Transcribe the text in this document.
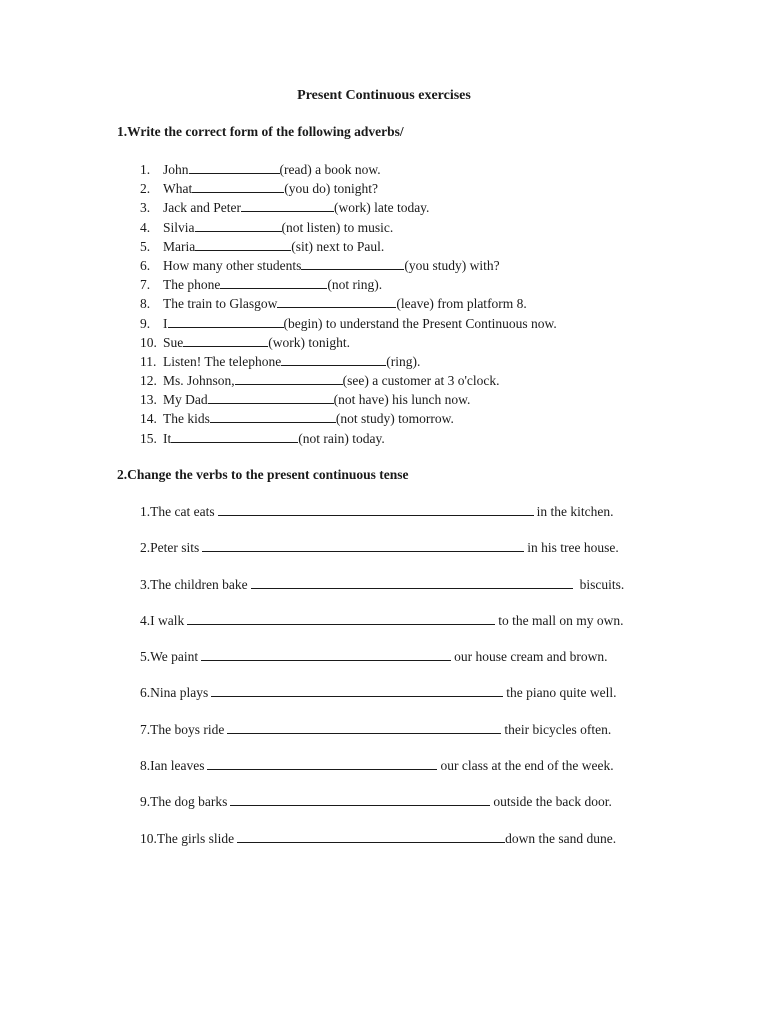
Present Continuous exercises
1.Write the correct form of the following adverbs/
1. John	(read) a book now.
2. What	(you do) tonight?
3. Jack and Peter	(work) late today.
4. Silvia	(not listen) to music.
5. Maria	(sit) next to Paul.
6. How many other students	(you study) with?
7. The phone	(not ring).
8. The train to Glasgow	(leave) from platform 8.
9. I	(begin) to understand the Present Continuous now.
10. Sue	(work) tonight.
11. Listen! The telephone	(ring).
12. Ms. Johnson,	(see) a customer at 3 o'clock.
13. My Dad	(not have) his lunch now.
14. The kids	(not study) tomorrow.
15. It	(not rain) today.
2.Change the verbs to the present continuous tense
1.The cat eats	in the kitchen.
2.Peter sits	in his tree house.
3.The children bake	biscuits.
4.I walk	to the mall on my own.
5.We paint	our house cream and brown.
6.Nina plays	the piano quite well.
7.The boys ride	their bicycles often.
8.Ian leaves	our class at the end of the week.
9.The dog barks	outside the back door.
10.The girls slide	down the sand dune.
